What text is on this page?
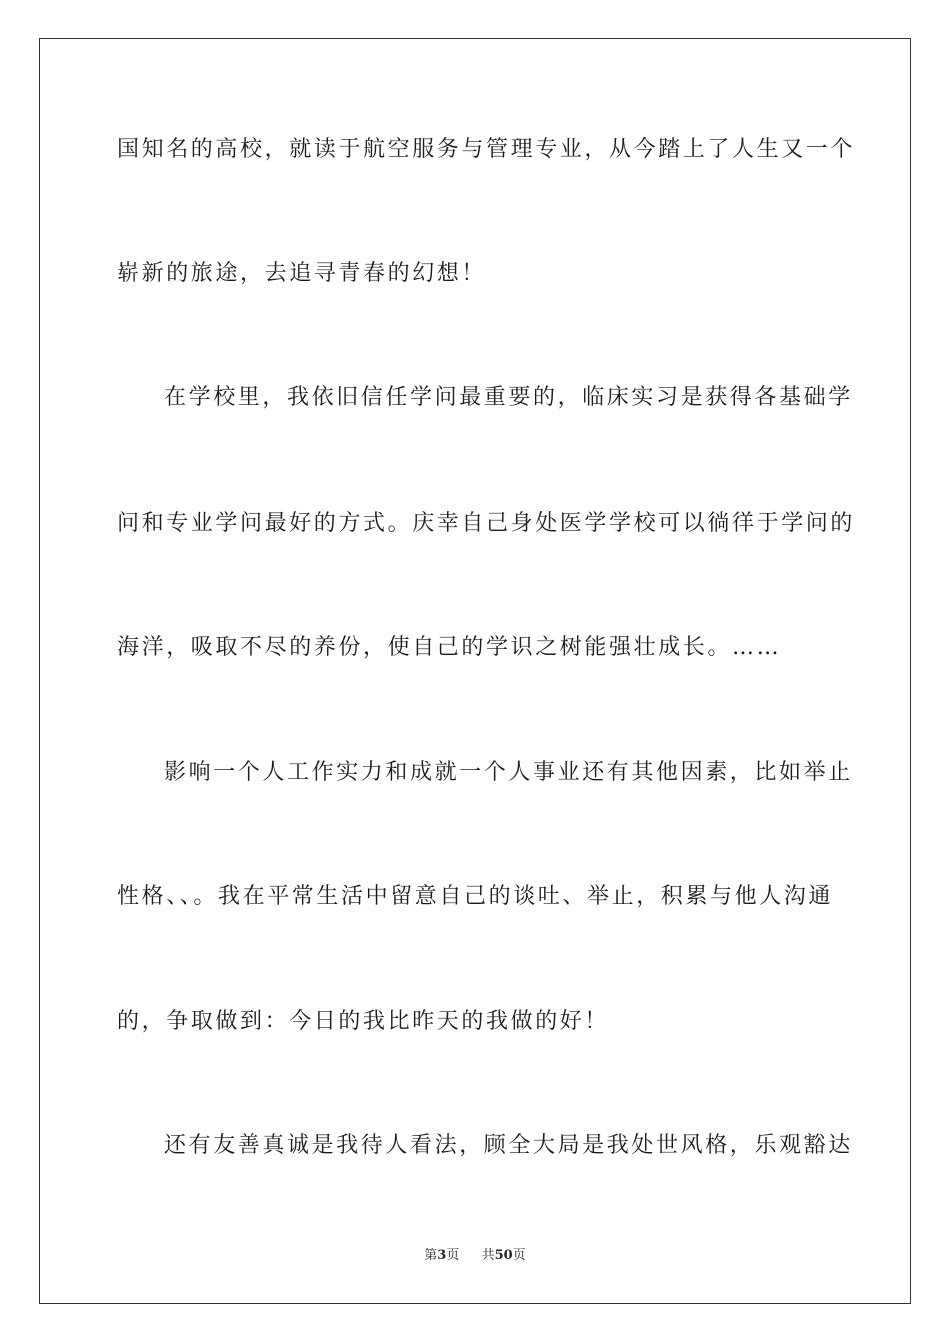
国知名的高校，就读于航空服务与管理专业，从今踏上了人生又一个
崭新的旅途，去追寻青春的幻想！
在学校里，我依旧信任学问最重要的，临床实习是获得各基础学
问和专业学问最好的方式。庆幸自己身处医学学校可以徜徉于学问的
海洋，吸取不尽的养份，使自己的学识之树能强壮成长。……
影响一个人工作实力和成就一个人事业还有其他因素，比如举止
性格、、。我在平常生活中留意自己的谈吐、举止，积累与他人沟通
的，争取做到：今日的我比昨天的我做的好！
还有友善真诚是我待人看法，顾全大局是我处世风格，乐观豁达
第3页 共50页
